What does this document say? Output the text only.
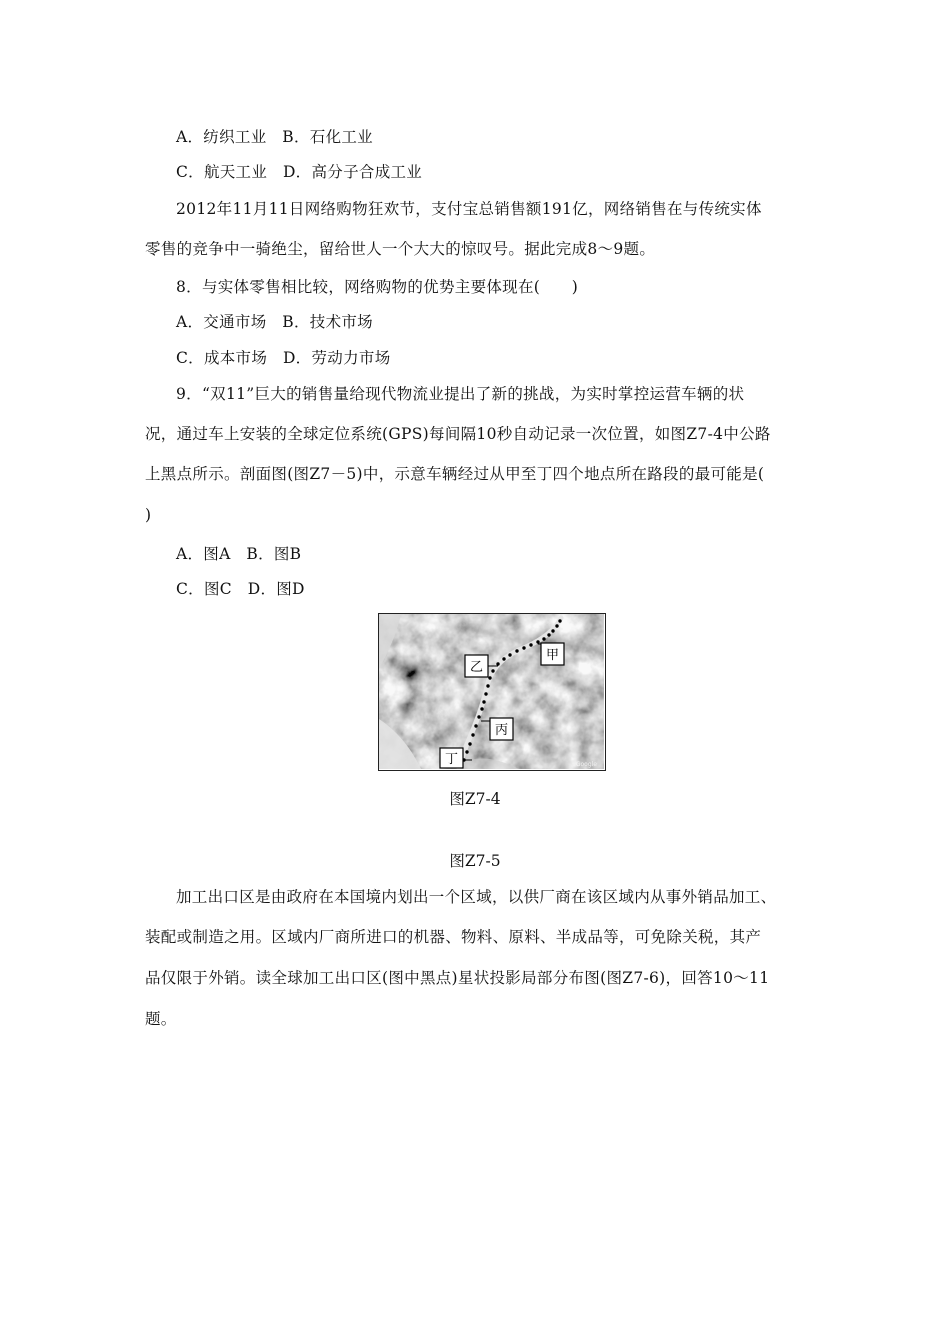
A．纺织工业　B．石化工业
C．航天工业　D．高分子合成工业
2012年11月11日网络购物狂欢节，支付宝总销售额191亿，网络销售在与传统实体
零售的竞争中一骑绝尘，留给世人一个大大的惊叹号。据此完成8～9题。
8．与实体零售相比较，网络购物的优势主要体现在(　　)
A．交通市场　B．技术市场
C．成本市场　D．劳动力市场
9．“双11”巨大的销售量给现代物流业提出了新的挑战，为实时掌控运营车辆的状
况，通过车上安装的全球定位系统(GPS)每间隔10秒自动记录一次位置，如图Z7-4中公路
上黑点所示。剖面图(图Z7－5)中，示意车辆经过从甲至丁四个地点所在路段的最可能是(
)
A．图A　B．图B
C．图C　D．图D
甲
乙
丙
丁	Google
图Z7-4
图Z7-5
加工出口区是由政府在本国境内划出一个区域，以供厂商在该区域内从事外销品加工、
装配或制造之用。区域内厂商所进口的机器、物料、原料、半成品等，可免除关税，其产
品仅限于外销。读全球加工出口区(图中黑点)星状投影局部分布图(图Z7-6)，回答10～11
题。
